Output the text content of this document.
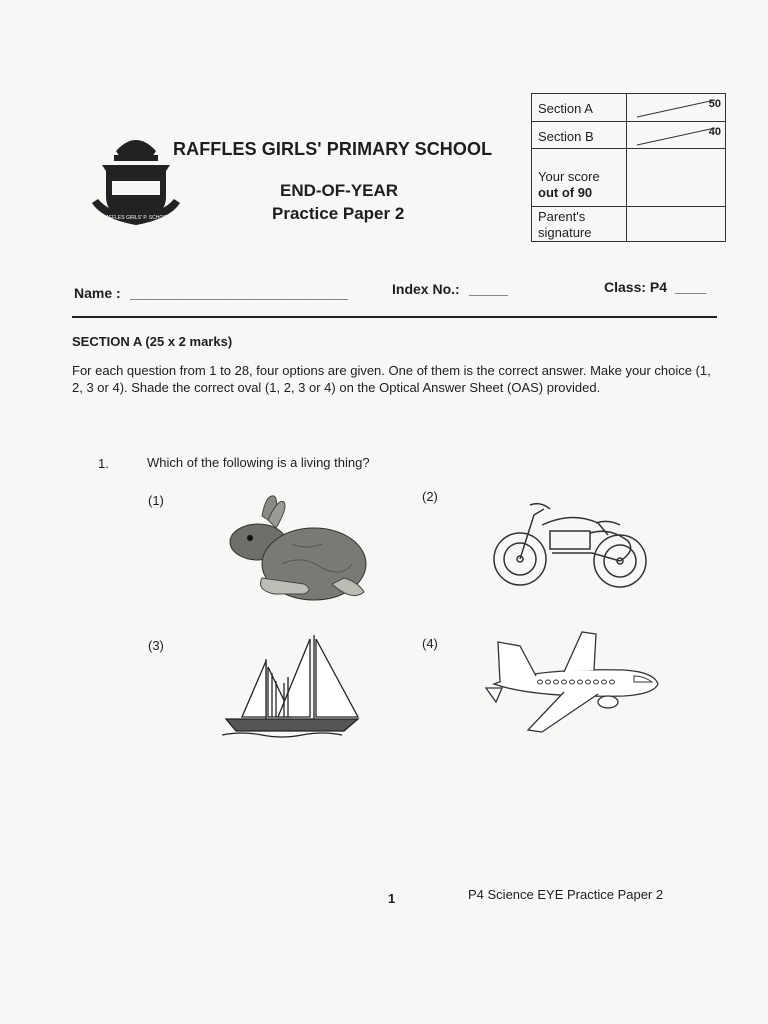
RAFFLES GIRLS' P. SCHOOL
RAFFLES GIRLS' PRIMARY SCHOOL
END-OF-YEAR
Practice Paper 2
Section A	50

Section B	40

Your score
out of 90	

Parent's
signature	

Name : ____________________________	Index No.: _____	Class: P4 ____
SECTION A (25 x 2 marks)
For each question from 1 to 28, four options are given. One of them is the correct answer. Make your choice (1, 2, 3 or 4). Shade the correct oval (1, 2, 3 or 4) on the Optical Answer Sheet (OAS) provided.
1.	Which of the following is a living thing?
(1)	(2)
(3)	(4)
1	P4 Science EYE Practice Paper 2
